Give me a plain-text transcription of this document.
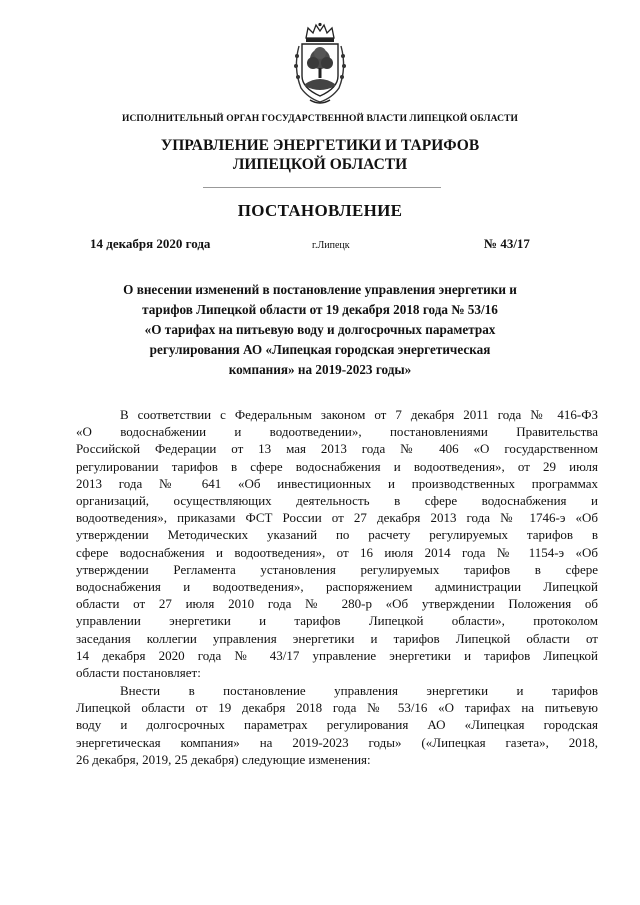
ИСПОЛНИТЕЛЬНЫЙ ОРГАН ГОСУДАРСТВЕННОЙ ВЛАСТИ ЛИПЕЦКОЙ ОБЛАСТИ
УПРАВЛЕНИЕ ЭНЕРГЕТИКИ И ТАРИФОВ
ЛИПЕЦКОЙ ОБЛАСТИ
ПОСТАНОВЛЕНИЕ
14 декабря 2020 года	г.Липецк	№ 43/17
О внесении изменений в постановление управления энергетики и
тарифов Липецкой области от 19 декабря 2018 года № 53/16
«О тарифах на питьевую воду и долгосрочных параметрах
регулирования АО «Липецкая городская энергетическая
компания» на 2019-2023 годы»

В соответствии с Федеральным законом от 7 декабря 2011 года № 416-ФЗ

«О водоснабжении и водоотведении», постановлениями Правительства

Российской Федерации от 13 мая 2013 года № 406 «О государственном

регулировании тарифов в сфере водоснабжения и водоотведения», от 29 июля

2013 года № 641 «Об инвестиционных и производственных программах

организаций, осуществляющих деятельность в сфере водоснабжения и

водоотведения», приказами ФСТ России от 27 декабря 2013 года № 1746-э «Об

утверждении Методических указаний по расчету регулируемых тарифов в

сфере водоснабжения и водоотведения», от 16 июля 2014 года № 1154-э «Об

утверждении Регламента установления регулируемых тарифов в сфере

водоснабжения и водоотведения», распоряжением администрации Липецкой

области от 27 июля 2010 года № 280-р «Об утверждении Положения об

управлении энергетики и тарифов Липецкой области», протоколом

заседания коллегии управления энергетики и тарифов Липецкой области от

14 декабря 2020 года № 43/17 управление энергетики и тарифов Липецкой

области постановляет:

Внести в постановление управления энергетики и тарифов

Липецкой области от 19 декабря 2018 года № 53/16 «О тарифах на питьевую

воду и долгосрочных параметрах регулирования АО «Липецкая городская

энергетическая компания» на 2019-2023 годы» («Липецкая газета», 2018,

26 декабря, 2019, 25 декабря) следующие изменения:
